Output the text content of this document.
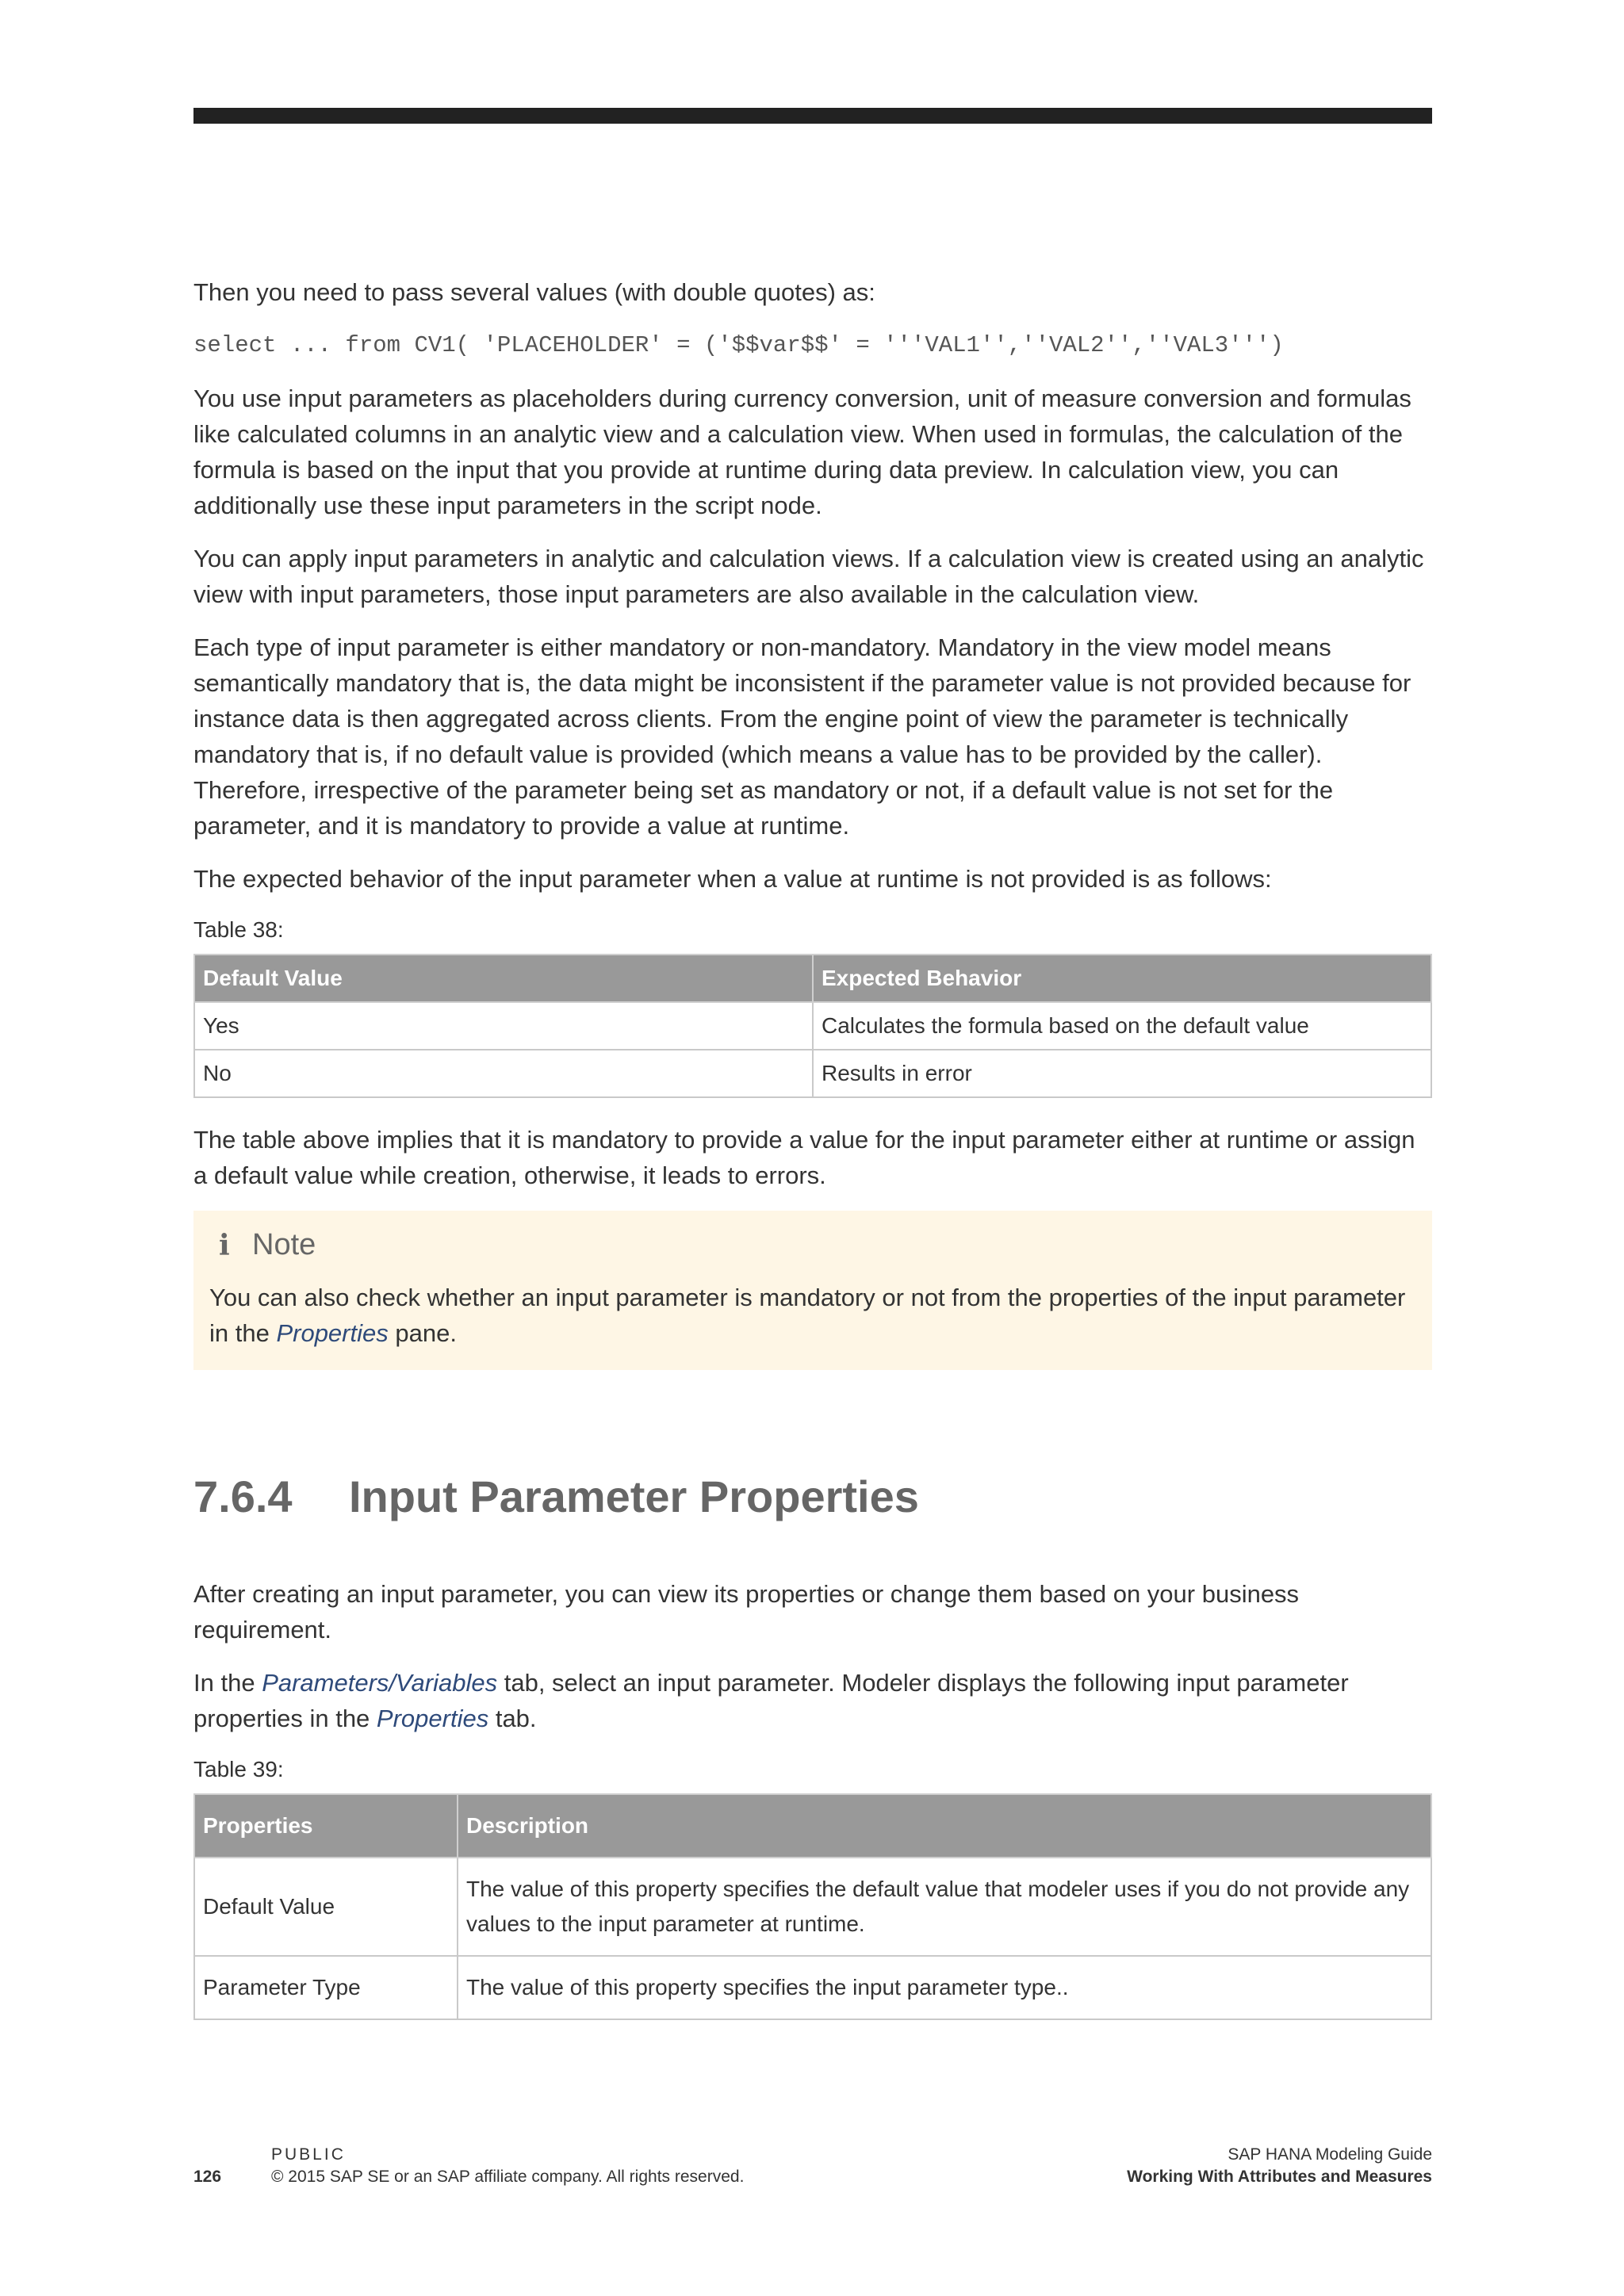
Then you need to pass several values (with double quotes) as:

select ... from CV1( 'PLACEHOLDER' = ('$$var$$' = '''VAL1'',''VAL2'',''VAL3''')

You use input parameters as placeholders during currency conversion, unit of measure conversion and formulas like calculated columns in an analytic view and a calculation view. When used in formulas, the calculation of the formula is based on the input that you provide at runtime during data preview. In calculation view, you can additionally use these input parameters in the script node.

You can apply input parameters in analytic and calculation views. If a calculation view is created using an analytic view with input parameters, those input parameters are also available in the calculation view.

Each type of input parameter is either mandatory or non-mandatory. Mandatory in the view model means semantically mandatory that is, the data might be inconsistent if the parameter value is not provided because for instance data is then aggregated across clients. From the engine point of view the parameter is technically mandatory that is, if no default value is provided (which means a value has to be provided by the caller). Therefore, irrespective of the parameter being set as mandatory or not, if a default value is not set for the parameter, and it is mandatory to provide a value at runtime.

The expected behavior of the input parameter when a value at runtime is not provided is as follows:

Table 38:
Default Value	Expected Behavior
Yes	Calculates the formula based on the default value
No	Results in error

The table above implies that it is mandatory to provide a value for the input parameter either at runtime or assign a default value while creation, otherwise, it leads to errors.

i Note

You can also check whether an input parameter is mandatory or not from the properties of the input parameter in the Properties pane.

7.6.4	Input Parameter Properties

After creating an input parameter, you can view its properties or change them based on your business requirement.

In the Parameters/Variables tab, select an input parameter. Modeler displays the following input parameter properties in the Properties tab.

Table 39:
Properties	Description
Default Value	The value of this property specifies the default value that modeler uses if you do not provide any values to the input parameter at runtime.
Parameter Type	The value of this property specifies the input parameter type..
126
PUBLIC
© 2015 SAP SE or an SAP affiliate company. All rights reserved.
SAP HANA Modeling Guide
Working With Attributes and Measures
